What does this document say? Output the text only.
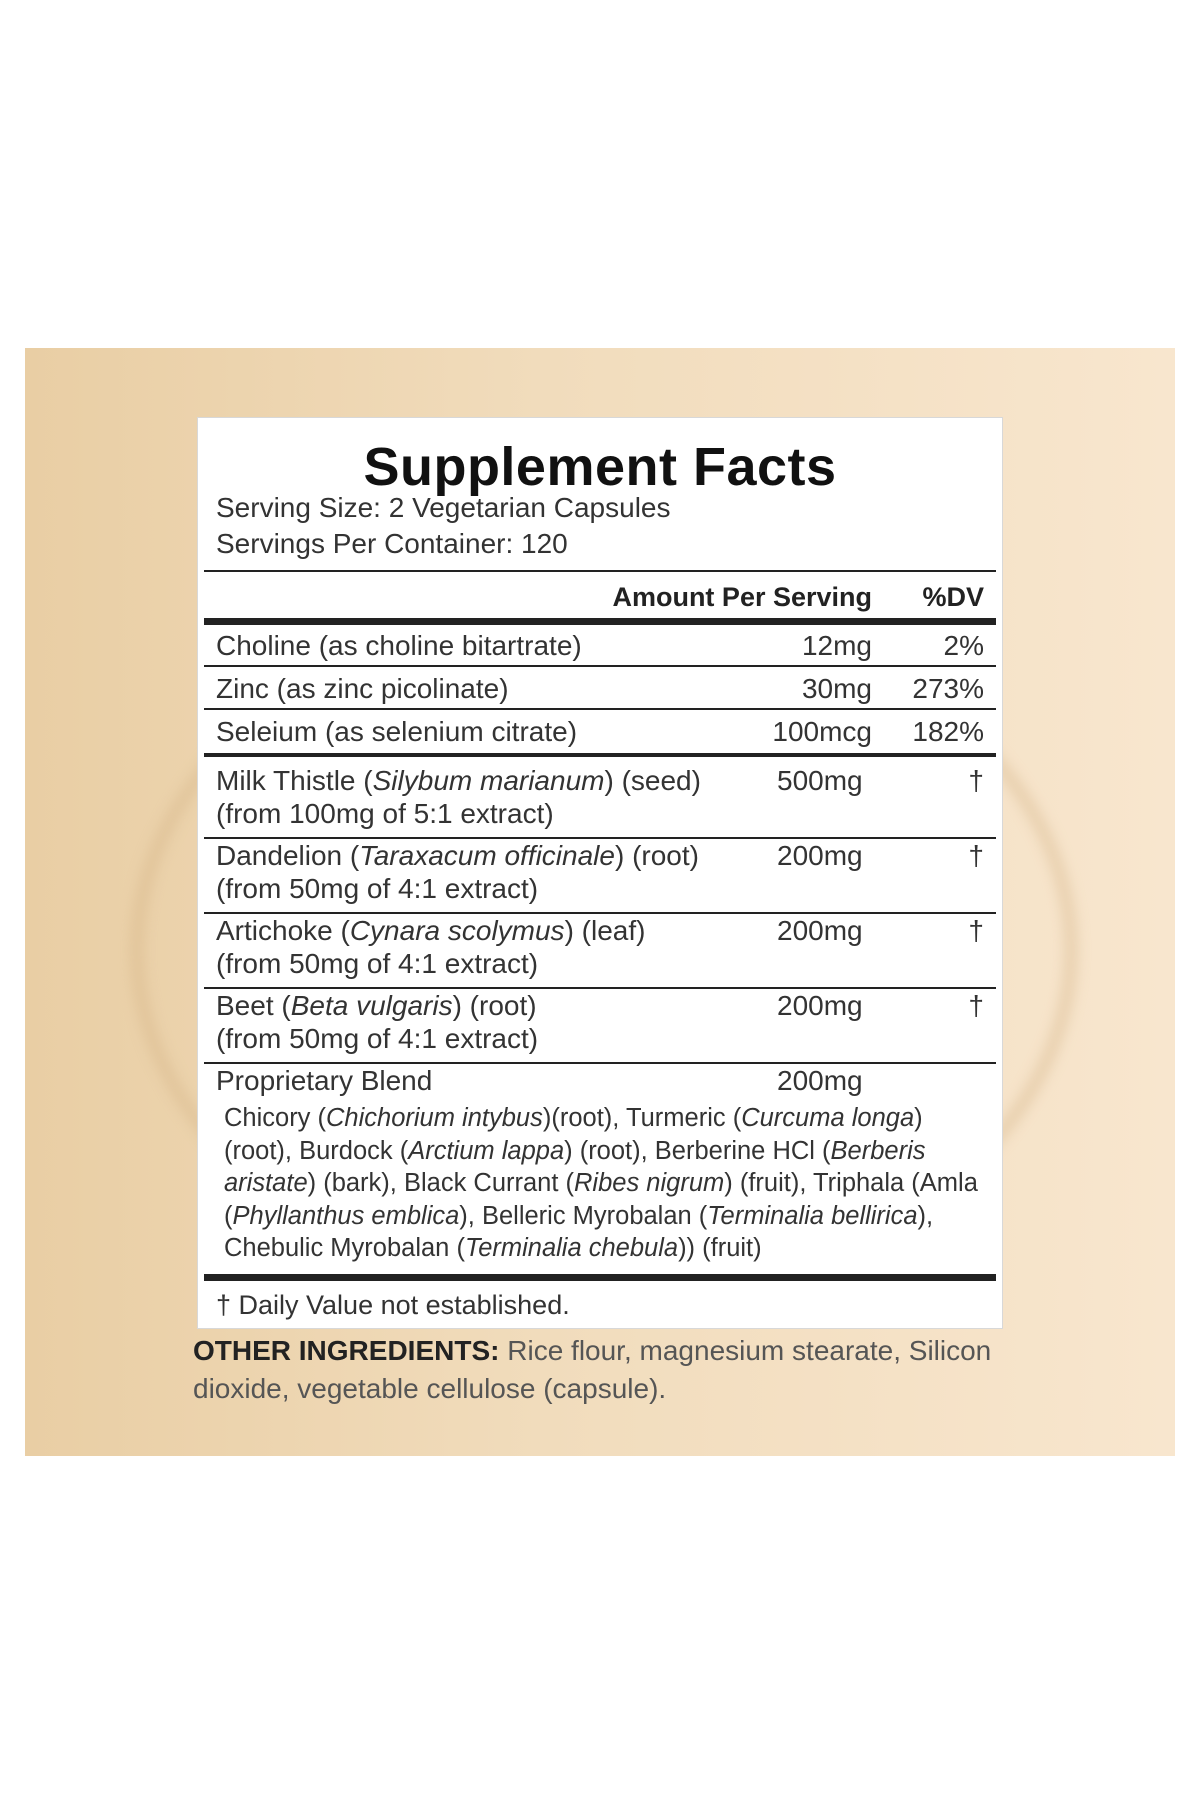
Supplement Facts
Serving Size: 2 Vegetarian Capsules
Servings Per Container: 120
Amount Per Serving %DV
Choline (as choline bitartrate)	12mg	2%
Zinc (as zinc picolinate)	30mg 273%
Seleium (as selenium citrate)	100mcg 182%
Milk Thistle (Silybum marianum) (seed)
(from 100mg of 5:1 extract)
500mg	†
Dandelion (Taraxacum officinale) (root)
(from 50mg of 4:1 extract)
200mg	†
Artichoke (Cynara scolymus) (leaf)
(from 50mg of 4:1 extract)
200mg	†
Beet (Beta vulgaris) (root)
(from 50mg of 4:1 extract)
200mg	†
Proprietary Blend	200mg
Chicory (Chichorium intybus)(root), Turmeric (Curcuma longa) (root), Burdock (Arctium lappa) (root), Berberine HCl (Berberis aristate) (bark), Black Currant (Ribes nigrum) (fruit), Triphala (Amla (Phyllanthus emblica), Belleric Myrobalan (Terminalia bellirica), Chebulic Myrobalan (Terminalia chebula)) (fruit)
† Daily Value not established.
OTHER INGREDIENTS: Rice flour, magnesium stearate, Silicon dioxide, vegetable cellulose (capsule).
